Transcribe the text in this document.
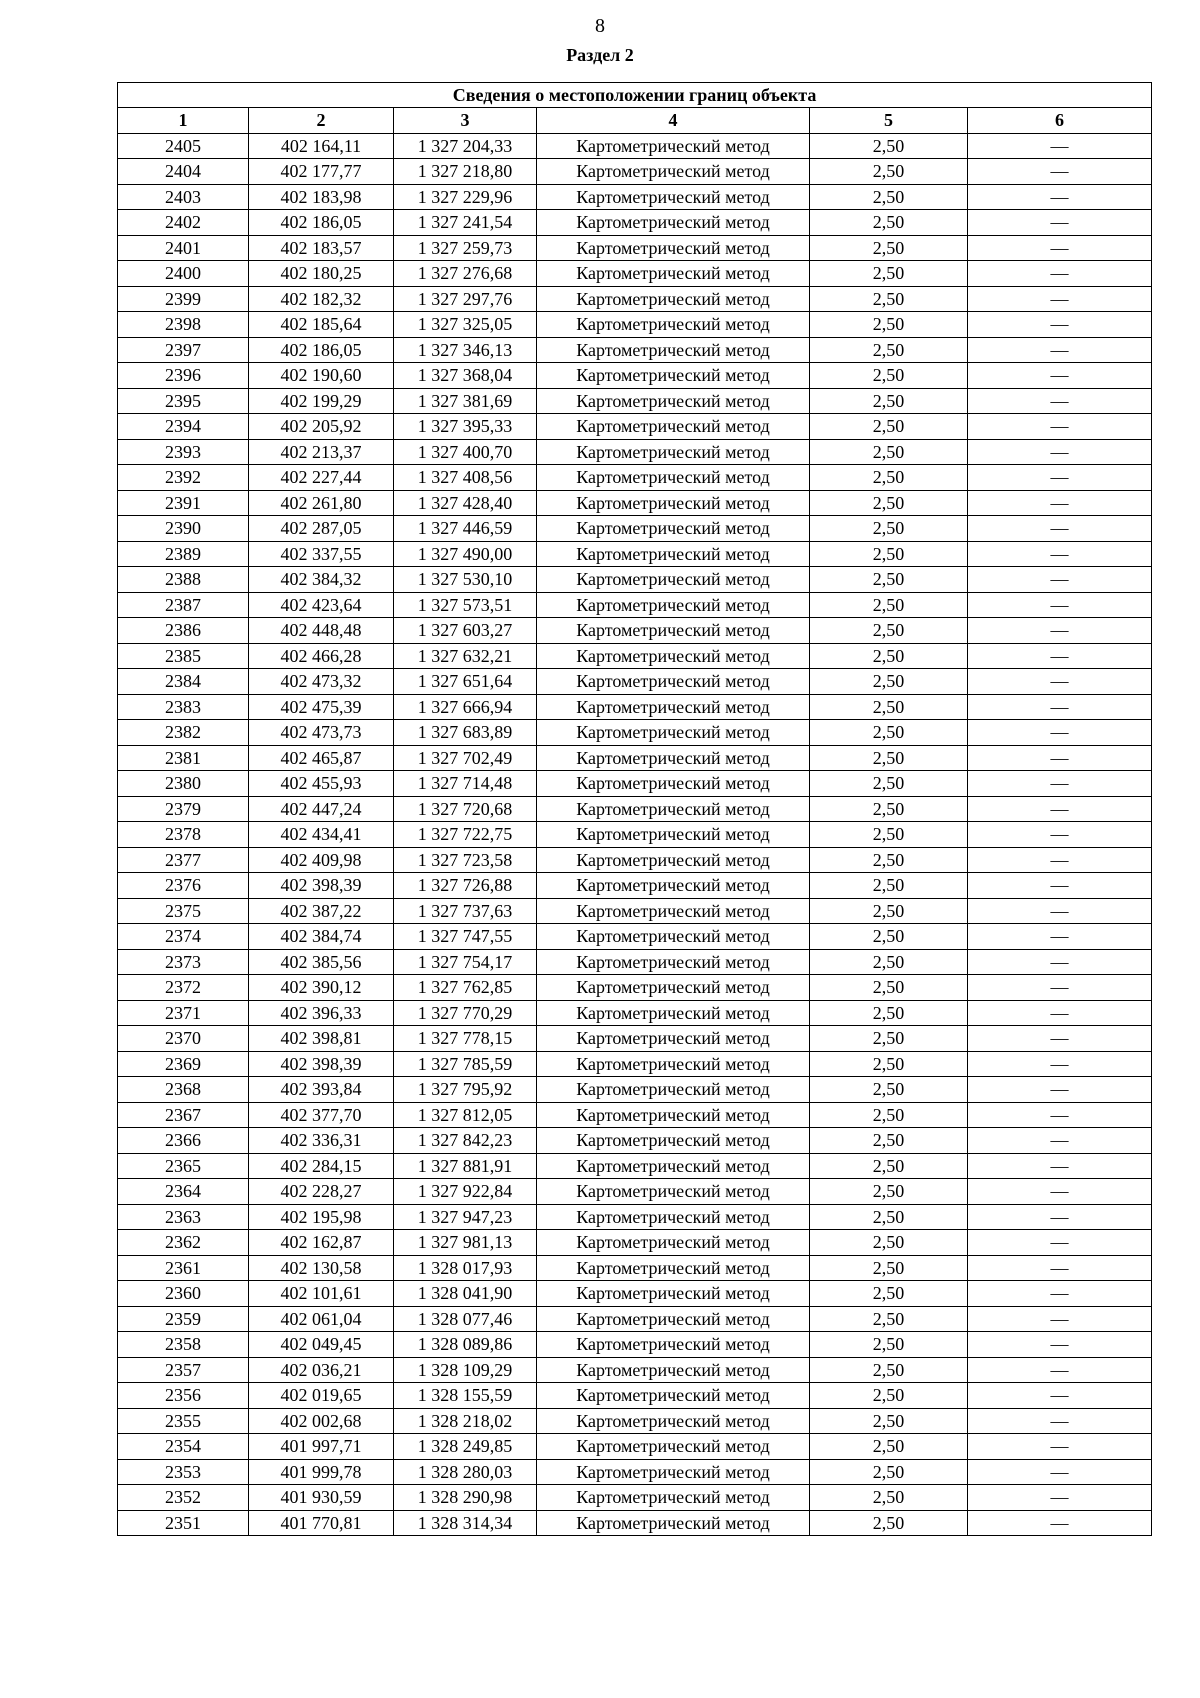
8
Раздел 2
Сведения о местоположении границ объекта					
1	2	3	4	5	6
2405	402 164,11	1 327 204,33	Картометрический метод	2,50	—
2404	402 177,77	1 327 218,80	Картометрический метод	2,50	—
2403	402 183,98	1 327 229,96	Картометрический метод	2,50	—
2402	402 186,05	1 327 241,54	Картометрический метод	2,50	—
2401	402 183,57	1 327 259,73	Картометрический метод	2,50	—
2400	402 180,25	1 327 276,68	Картометрический метод	2,50	—
2399	402 182,32	1 327 297,76	Картометрический метод	2,50	—
2398	402 185,64	1 327 325,05	Картометрический метод	2,50	—
2397	402 186,05	1 327 346,13	Картометрический метод	2,50	—
2396	402 190,60	1 327 368,04	Картометрический метод	2,50	—
2395	402 199,29	1 327 381,69	Картометрический метод	2,50	—
2394	402 205,92	1 327 395,33	Картометрический метод	2,50	—
2393	402 213,37	1 327 400,70	Картометрический метод	2,50	—
2392	402 227,44	1 327 408,56	Картометрический метод	2,50	—
2391	402 261,80	1 327 428,40	Картометрический метод	2,50	—
2390	402 287,05	1 327 446,59	Картометрический метод	2,50	—
2389	402 337,55	1 327 490,00	Картометрический метод	2,50	—
2388	402 384,32	1 327 530,10	Картометрический метод	2,50	—
2387	402 423,64	1 327 573,51	Картометрический метод	2,50	—
2386	402 448,48	1 327 603,27	Картометрический метод	2,50	—
2385	402 466,28	1 327 632,21	Картометрический метод	2,50	—
2384	402 473,32	1 327 651,64	Картометрический метод	2,50	—
2383	402 475,39	1 327 666,94	Картометрический метод	2,50	—
2382	402 473,73	1 327 683,89	Картометрический метод	2,50	—
2381	402 465,87	1 327 702,49	Картометрический метод	2,50	—
2380	402 455,93	1 327 714,48	Картометрический метод	2,50	—
2379	402 447,24	1 327 720,68	Картометрический метод	2,50	—
2378	402 434,41	1 327 722,75	Картометрический метод	2,50	—
2377	402 409,98	1 327 723,58	Картометрический метод	2,50	—
2376	402 398,39	1 327 726,88	Картометрический метод	2,50	—
2375	402 387,22	1 327 737,63	Картометрический метод	2,50	—
2374	402 384,74	1 327 747,55	Картометрический метод	2,50	—
2373	402 385,56	1 327 754,17	Картометрический метод	2,50	—
2372	402 390,12	1 327 762,85	Картометрический метод	2,50	—
2371	402 396,33	1 327 770,29	Картометрический метод	2,50	—
2370	402 398,81	1 327 778,15	Картометрический метод	2,50	—
2369	402 398,39	1 327 785,59	Картометрический метод	2,50	—
2368	402 393,84	1 327 795,92	Картометрический метод	2,50	—
2367	402 377,70	1 327 812,05	Картометрический метод	2,50	—
2366	402 336,31	1 327 842,23	Картометрический метод	2,50	—
2365	402 284,15	1 327 881,91	Картометрический метод	2,50	—
2364	402 228,27	1 327 922,84	Картометрический метод	2,50	—
2363	402 195,98	1 327 947,23	Картометрический метод	2,50	—
2362	402 162,87	1 327 981,13	Картометрический метод	2,50	—
2361	402 130,58	1 328 017,93	Картометрический метод	2,50	—
2360	402 101,61	1 328 041,90	Картометрический метод	2,50	—
2359	402 061,04	1 328 077,46	Картометрический метод	2,50	—
2358	402 049,45	1 328 089,86	Картометрический метод	2,50	—
2357	402 036,21	1 328 109,29	Картометрический метод	2,50	—
2356	402 019,65	1 328 155,59	Картометрический метод	2,50	—
2355	402 002,68	1 328 218,02	Картометрический метод	2,50	—
2354	401 997,71	1 328 249,85	Картометрический метод	2,50	—
2353	401 999,78	1 328 280,03	Картометрический метод	2,50	—
2352	401 930,59	1 328 290,98	Картометрический метод	2,50	—
2351	401 770,81	1 328 314,34	Картометрический метод	2,50	—
